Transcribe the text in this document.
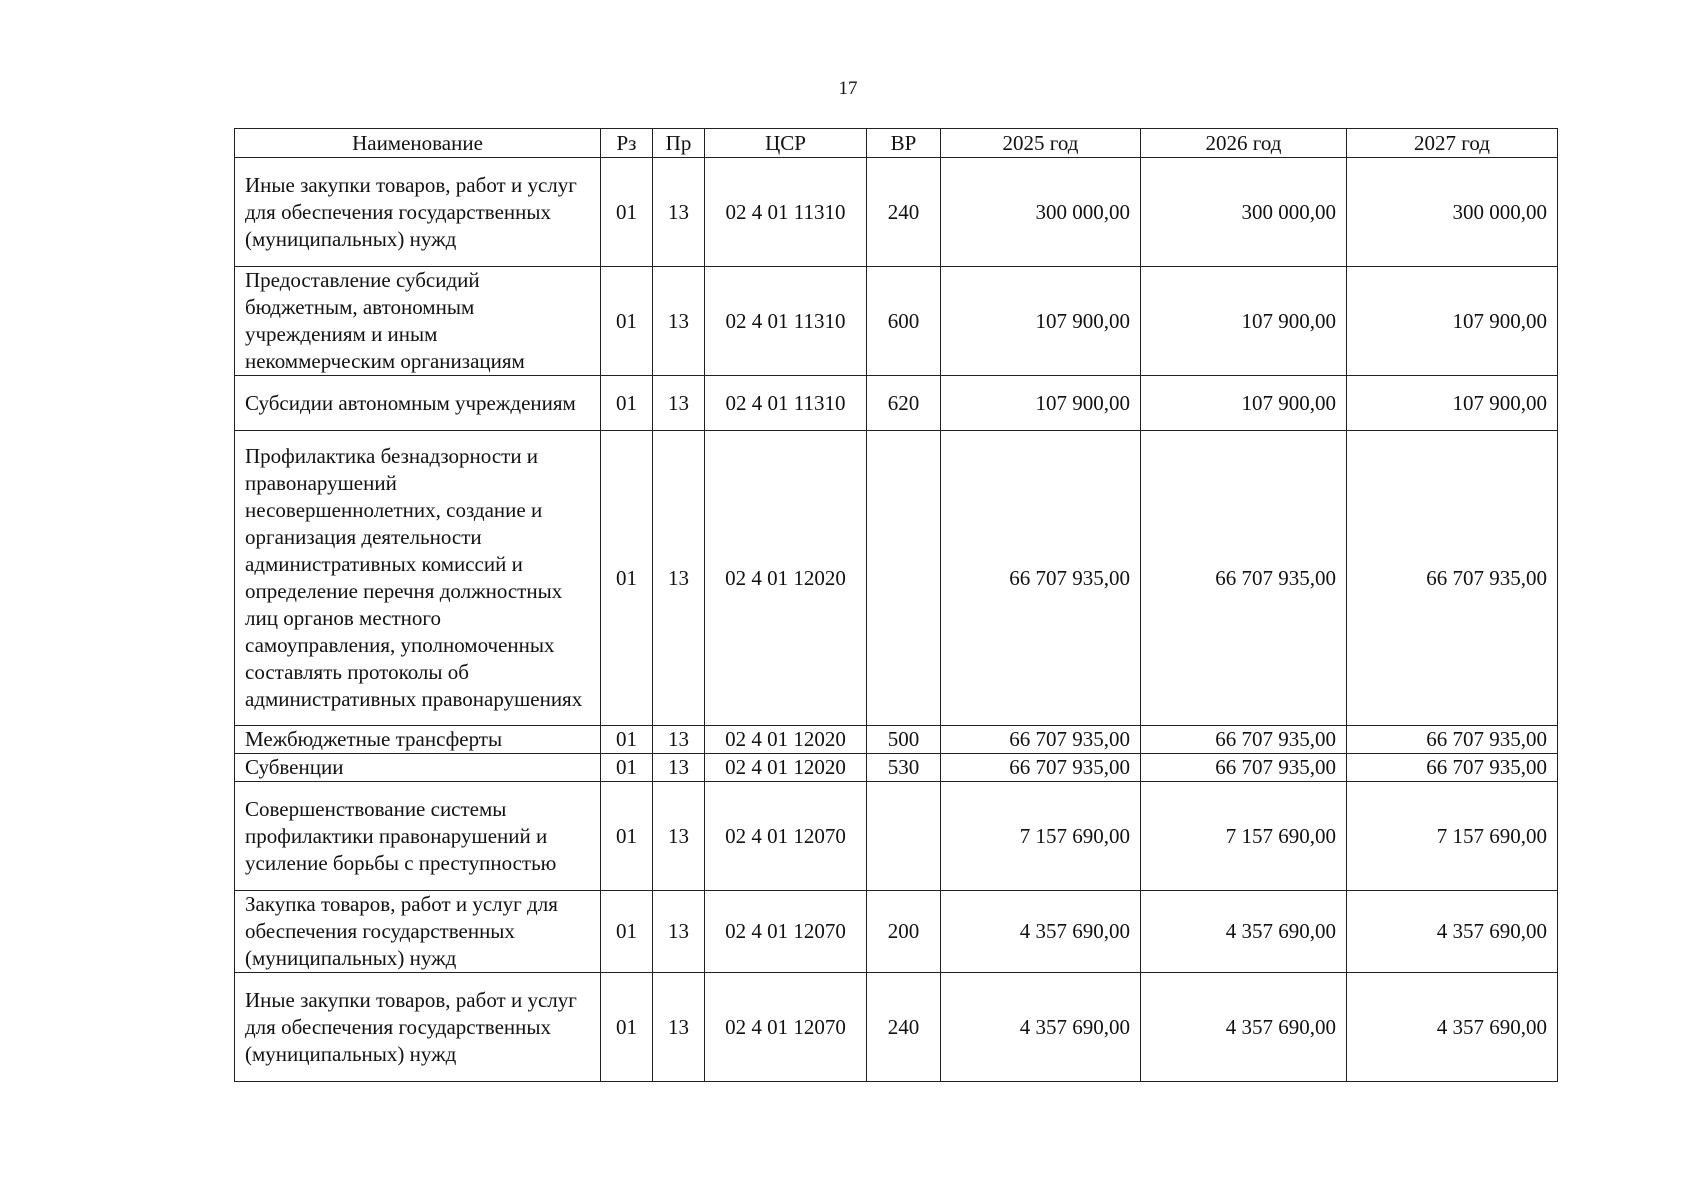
17
Наименование	Рз	Пр	ЦСР	ВР	2025 год	2026 год	2027 год
Иные закупки товаров, работ и услуг для обеспечения государственных (муниципальных) нужд	01	13	02 4 01 11310	240	300 000,00	300 000,00	300 000,00
Предоставление субсидий бюджетным, автономным учреждениям и иным некоммерческим организациям	01	13	02 4 01 11310	600	107 900,00	107 900,00	107 900,00
Субсидии автономным учреждениям	01	13	02 4 01 11310	620	107 900,00	107 900,00	107 900,00
Профилактика безнадзорности и правонарушений несовершеннолетних, создание и организация деятельности административных комиссий и определение перечня должностных лиц органов местного самоуправления, уполномоченных составлять протоколы об административных правонарушениях	01	13	02 4 01 12020		66 707 935,00	66 707 935,00	66 707 935,00
Межбюджетные трансферты	01	13	02 4 01 12020	500	66 707 935,00	66 707 935,00	66 707 935,00
Субвенции	01	13	02 4 01 12020	530	66 707 935,00	66 707 935,00	66 707 935,00
Совершенствование системы профилактики правонарушений и усиление борьбы с преступностью	01	13	02 4 01 12070		7 157 690,00	7 157 690,00	7 157 690,00
Закупка товаров, работ и услуг для обеспечения государственных (муниципальных) нужд	01	13	02 4 01 12070	200	4 357 690,00	4 357 690,00	4 357 690,00
Иные закупки товаров, работ и услуг для обеспечения государственных (муниципальных) нужд	01	13	02 4 01 12070	240	4 357 690,00	4 357 690,00	4 357 690,00
